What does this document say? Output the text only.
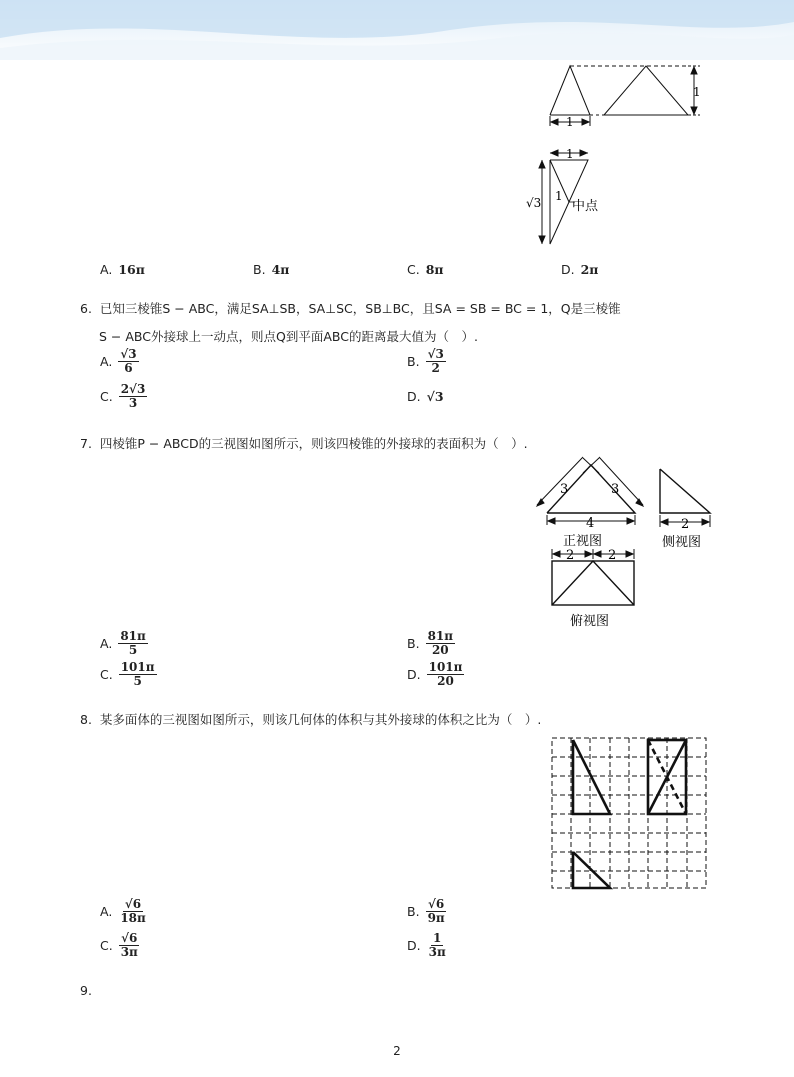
1
1
1
√3 1
中点
A. 16π	B. 4π	C. 8π	D. 2π
6. 已知三棱锥S − ABC，满足SA⊥SB，SA⊥SC，SB⊥BC，且SA = SB = BC = 1，Q是三棱锥
S − ABC外接球上一动点，则点Q到平面ABC的距离最大值为（　）.
A. $\frac{√3}{6}$	B. $\frac{√3}{2}$
C. $\frac{2√3}{3}$	D. √3
7. 四棱锥P − ABCD的三视图如图所示，则该四棱锥的外接球的表面积为（　）.
3	3
4	2
2	2
正视图	侧视图
俯视图
A. $\frac{81\pi}{5}$	B. $\frac{81\pi}{20}$
C. $\frac{101\pi}{5}$	D. $\frac{101\pi}{20}$
8. 某多面体的三视图如图所示，则该几何体的体积与其外接球的体积之比为（　）.
A. $\frac{√6}{18\pi}$	B. $\frac{√6}{9\pi}$
C. $\frac{√6}{3\pi}$	D. $\frac{1}{3\pi}$
9.
2
